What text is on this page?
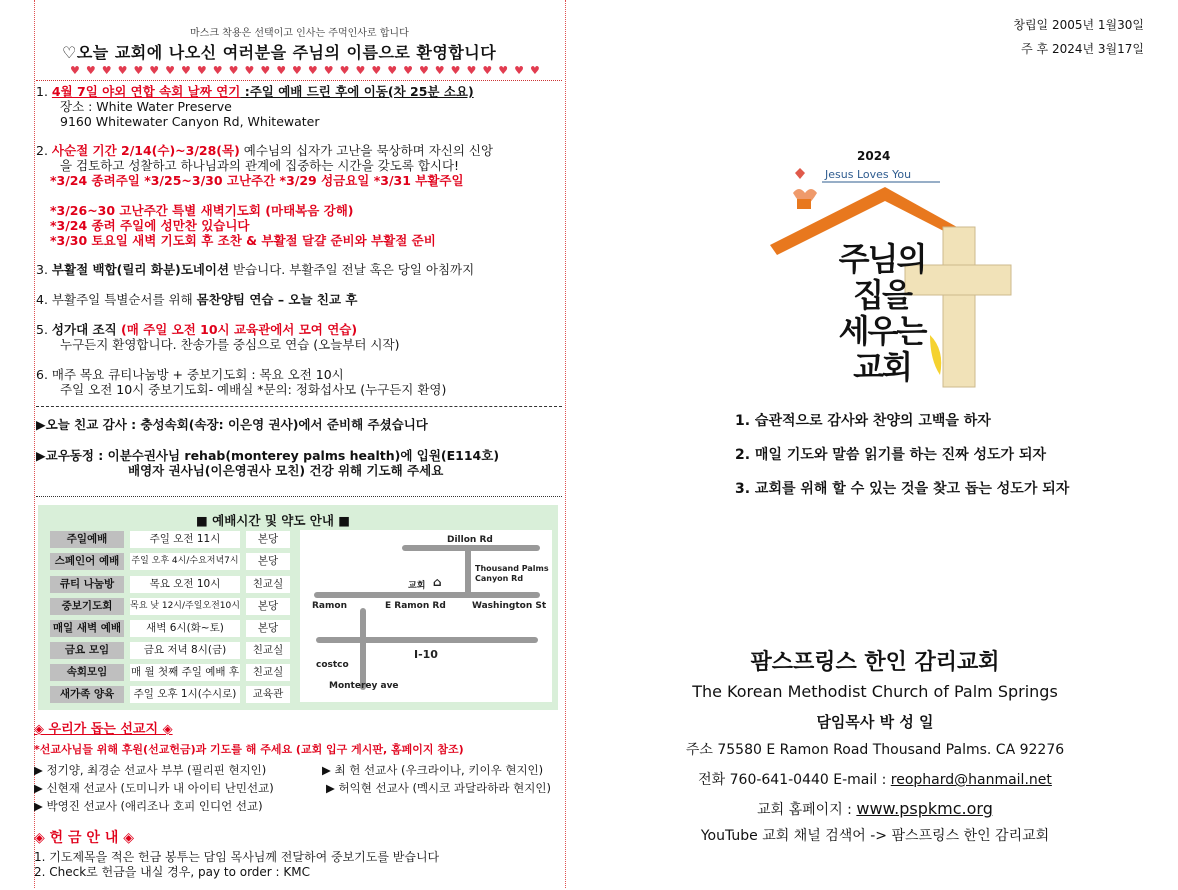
마스크 착용은 선택이고 인사는 주먹인사로 합니다
♡오늘 교회에 나오신 여러분을 주님의 이름으로 환영합니다
♥♥♥♥♥♥♥♥♥♥♥♥♥♥♥♥♥♥♥♥♥♥♥♥♥♥♥♥♥♥
1. 4월 7일 야외 연합 속회 날짜 연기 :주일 예배 드린 후에 이동(차 25분 소요)
장소 : White Water Preserve
9160 Whitewater Canyon Rd, Whitewater
2. 사순절 기간 2/14(수)~3/28(목) 예수님의 십자가 고난을 묵상하며 자신의 신앙
을 검토하고 성찰하고 하나님과의 관계에 집중하는 시간을 갖도록 합시다!
*3/24 종려주일 *3/25~3/30 고난주간 *3/29 성금요일 *3/31 부활주일
*3/26~30 고난주간 특별 새벽기도회 (마태복음 강해)
*3/24 종려 주일에 성만찬 있습니다
*3/30 토요일 새벽 기도회 후 조찬 & 부활절 달걀 준비와 부활절 준비
3. 부활절 백합(릴리 화분)도네이션 받습니다. 부활주일 전날 혹은 당일 아침까지
4. 부활주일 특별순서를 위해 몸찬양팀 연습 – 오늘 친교 후
5. 성가대 조직 (매 주일 오전 10시 교육관에서 모여 연습)
누구든지 환영합니다. 찬송가를 중심으로 연습 (오늘부터 시작)
6. 매주 목요 큐티나눔방 + 중보기도회 : 목요 오전 10시
주일 오전 10시 중보기도회- 예배실 *문의: 정화섭사모 (누구든지 환영)
▶오늘 친교 감사 : 충성속회(속장: 이은영 권사)에서 준비해 주셨습니다
▶교우동정 : 이분수권사님 rehab(monterey palms health)에 입원(E114호)
배영자 권사님(이은영권사 모친) 건강 위해 기도해 주세요
■ 예배시간 및 약도 안내 ■
주일예배	주일 오전 11시	본당
스페인어 예배	주일 오후 4시/수요저녁7시	본당
큐티 나눔방	목요 오전 10시	친교실
중보기도회	목요 낮 12시/주일오전10시	본당
매일 새벽 예배	새벽 6시(화~토)	본당
금요 모임	금요 저녁 8시(금)	친교실
속회모임	매 월 첫째 주일 예배 후	친교실
새가족 양육	주일 오후 1시(수시로)	교육관
Dillon Rd
Thousand Palms
Canyon Rd
교회 ⌂
Ramon	E Ramon Rd	Washington St
I-10
costco
Monterey ave
◈ 우리가 돕는 선교지 ◈
*선교사님들 위해 후원(선교헌금)과 기도를 해 주세요 (교회 입구 게시판, 홈페이지 참조)
▶ 정기양, 최경순 선교사 부부 (필리핀 현지인)	▶ 최 헌 선교사 (우크라이나, 키이우 현지인)
▶ 신현재 선교사 (도미니카 내 아이티 난민선교)	▶ 허익현 선교사 (멕시코 과달라하라 현지인)
▶ 박영진 선교사 (애리조나 호피 인디언 선교)
◈ 헌 금 안 내 ◈
1. 기도제목을 적은 헌금 봉투는 담임 목사님께 전달하여 중보기도를 받습니다
2. Check로 헌금을 내실 경우, pay to order : KMC
창립일 2005년 1월30일
주 후 2024년 3월17일
2024
Jesus Loves You
주님의
집을
세우는
교회
1. 습관적으로 감사와 찬양의 고백을 하자
2. 매일 기도와 말씀 읽기를 하는 진짜 성도가 되자
3. 교회를 위해 할 수 있는 것을 찾고 돕는 성도가 되자
팜스프링스 한인 감리교회
The Korean Methodist Church of Palm Springs
담임목사 박 성 일
주소 75580 E Ramon Road Thousand Palms. CA 92276
전화 760-641-0440 E-mail : reophard@hanmail.net
교회 홈페이지 : www.pspkmc.org
YouTube 교회 채널 검색어 -> 팜스프링스 한인 감리교회
